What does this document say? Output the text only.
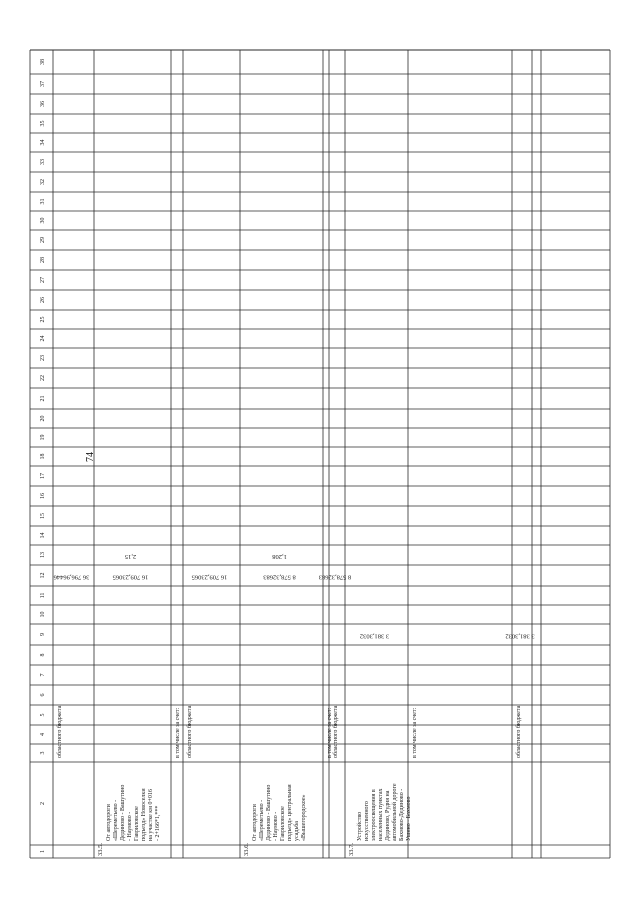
1
2
3
4
5
6
7
8
9
10
11
12
13
14
15
16
17
18
19
20
21
22
23
24
25
26
27
28
29
30
31
32
33
34
35
36
37
38
областного бюджета
36 796,96446
33.5.
От автодороги «Шереметьево - Дединово - Вашутино - Наумово - Гавриловское подъезд» Новоселки на участке км 0+016 - 2+166*1,***
16 709,23065
2,15
в том числе за счет: областного бюджета
16 709,23065
33.6.
От автодороги «Шереметьево - Дединово - Вашутино - Наумово - Гавриловское подъезд» центральная усадьба «Вышегородское»
8 578,32683
1,208
в том числе за счет: областного бюджета
8 578,32683
33.7.
Устройство искусственного электроосвещения в населенных пунктах Дединово, Рудня на автомобильной дороге Бахмово-Дединово - Ушино - Бахмово
3 381,3032
в том числе за счет:	областного бюджета
3 381,3032
74
